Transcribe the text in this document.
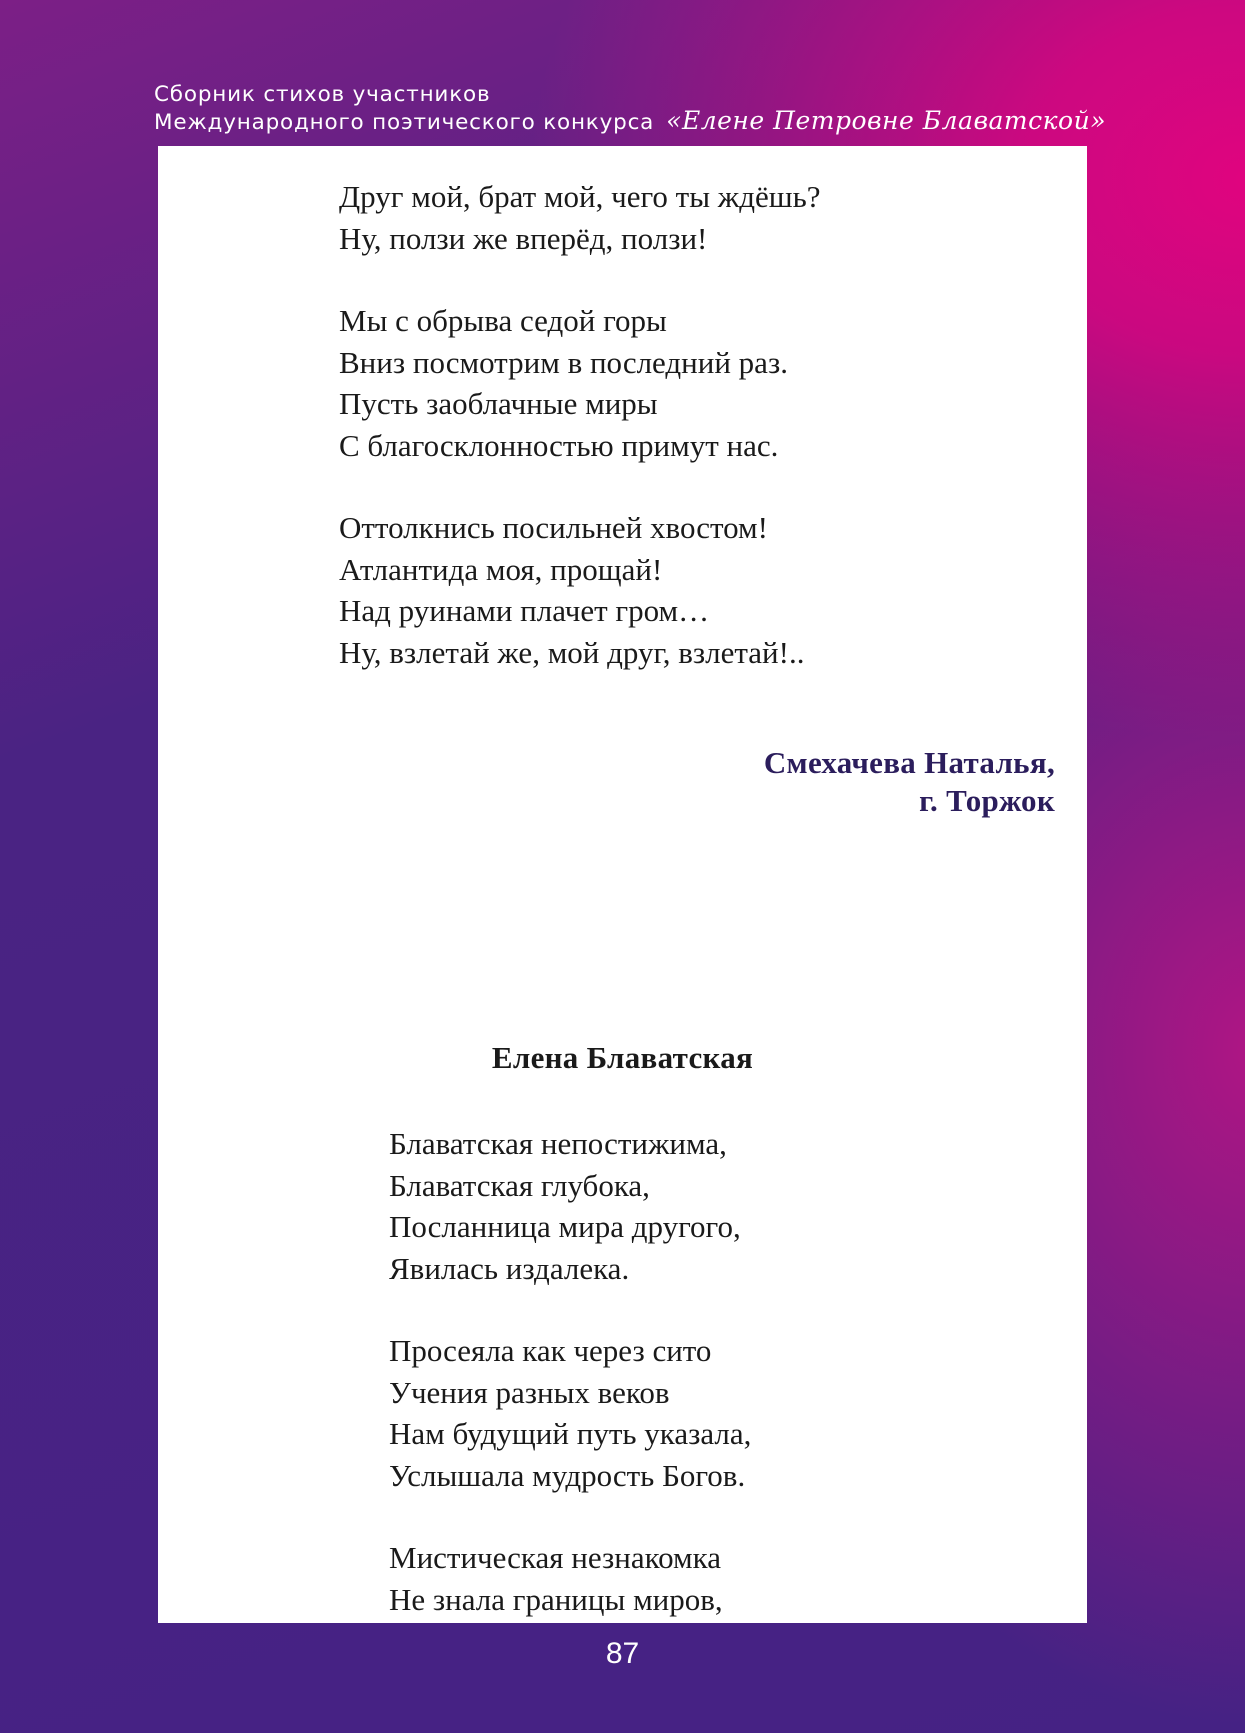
Сборник стихов участников
Международного поэтического конкурса «Елене Петровне Блаватской»
Друг мой, брат мой, чего ты ждёшь?
Ну, ползи же вперёд, ползи!
Мы с обрыва седой горы
Вниз посмотрим в последний раз.
Пусть заоблачные миры
С благосклонностью примут нас.
Оттолкнись посильней хвостом!
Атлантида моя, прощай!
Над руинами плачет гром…
Ну, взлетай же, мой друг, взлетай!..
Смехачева Наталья,
г. Торжок
Елена Блаватская
Блаватская непостижима,
Блаватская глубока,
Посланница мира другого,
Явилась издалека.
Просеяла как через сито
Учения разных веков
Нам будущий путь указала,
Услышала мудрость Богов.
Мистическая незнакомка
Не знала границы миров,
87
